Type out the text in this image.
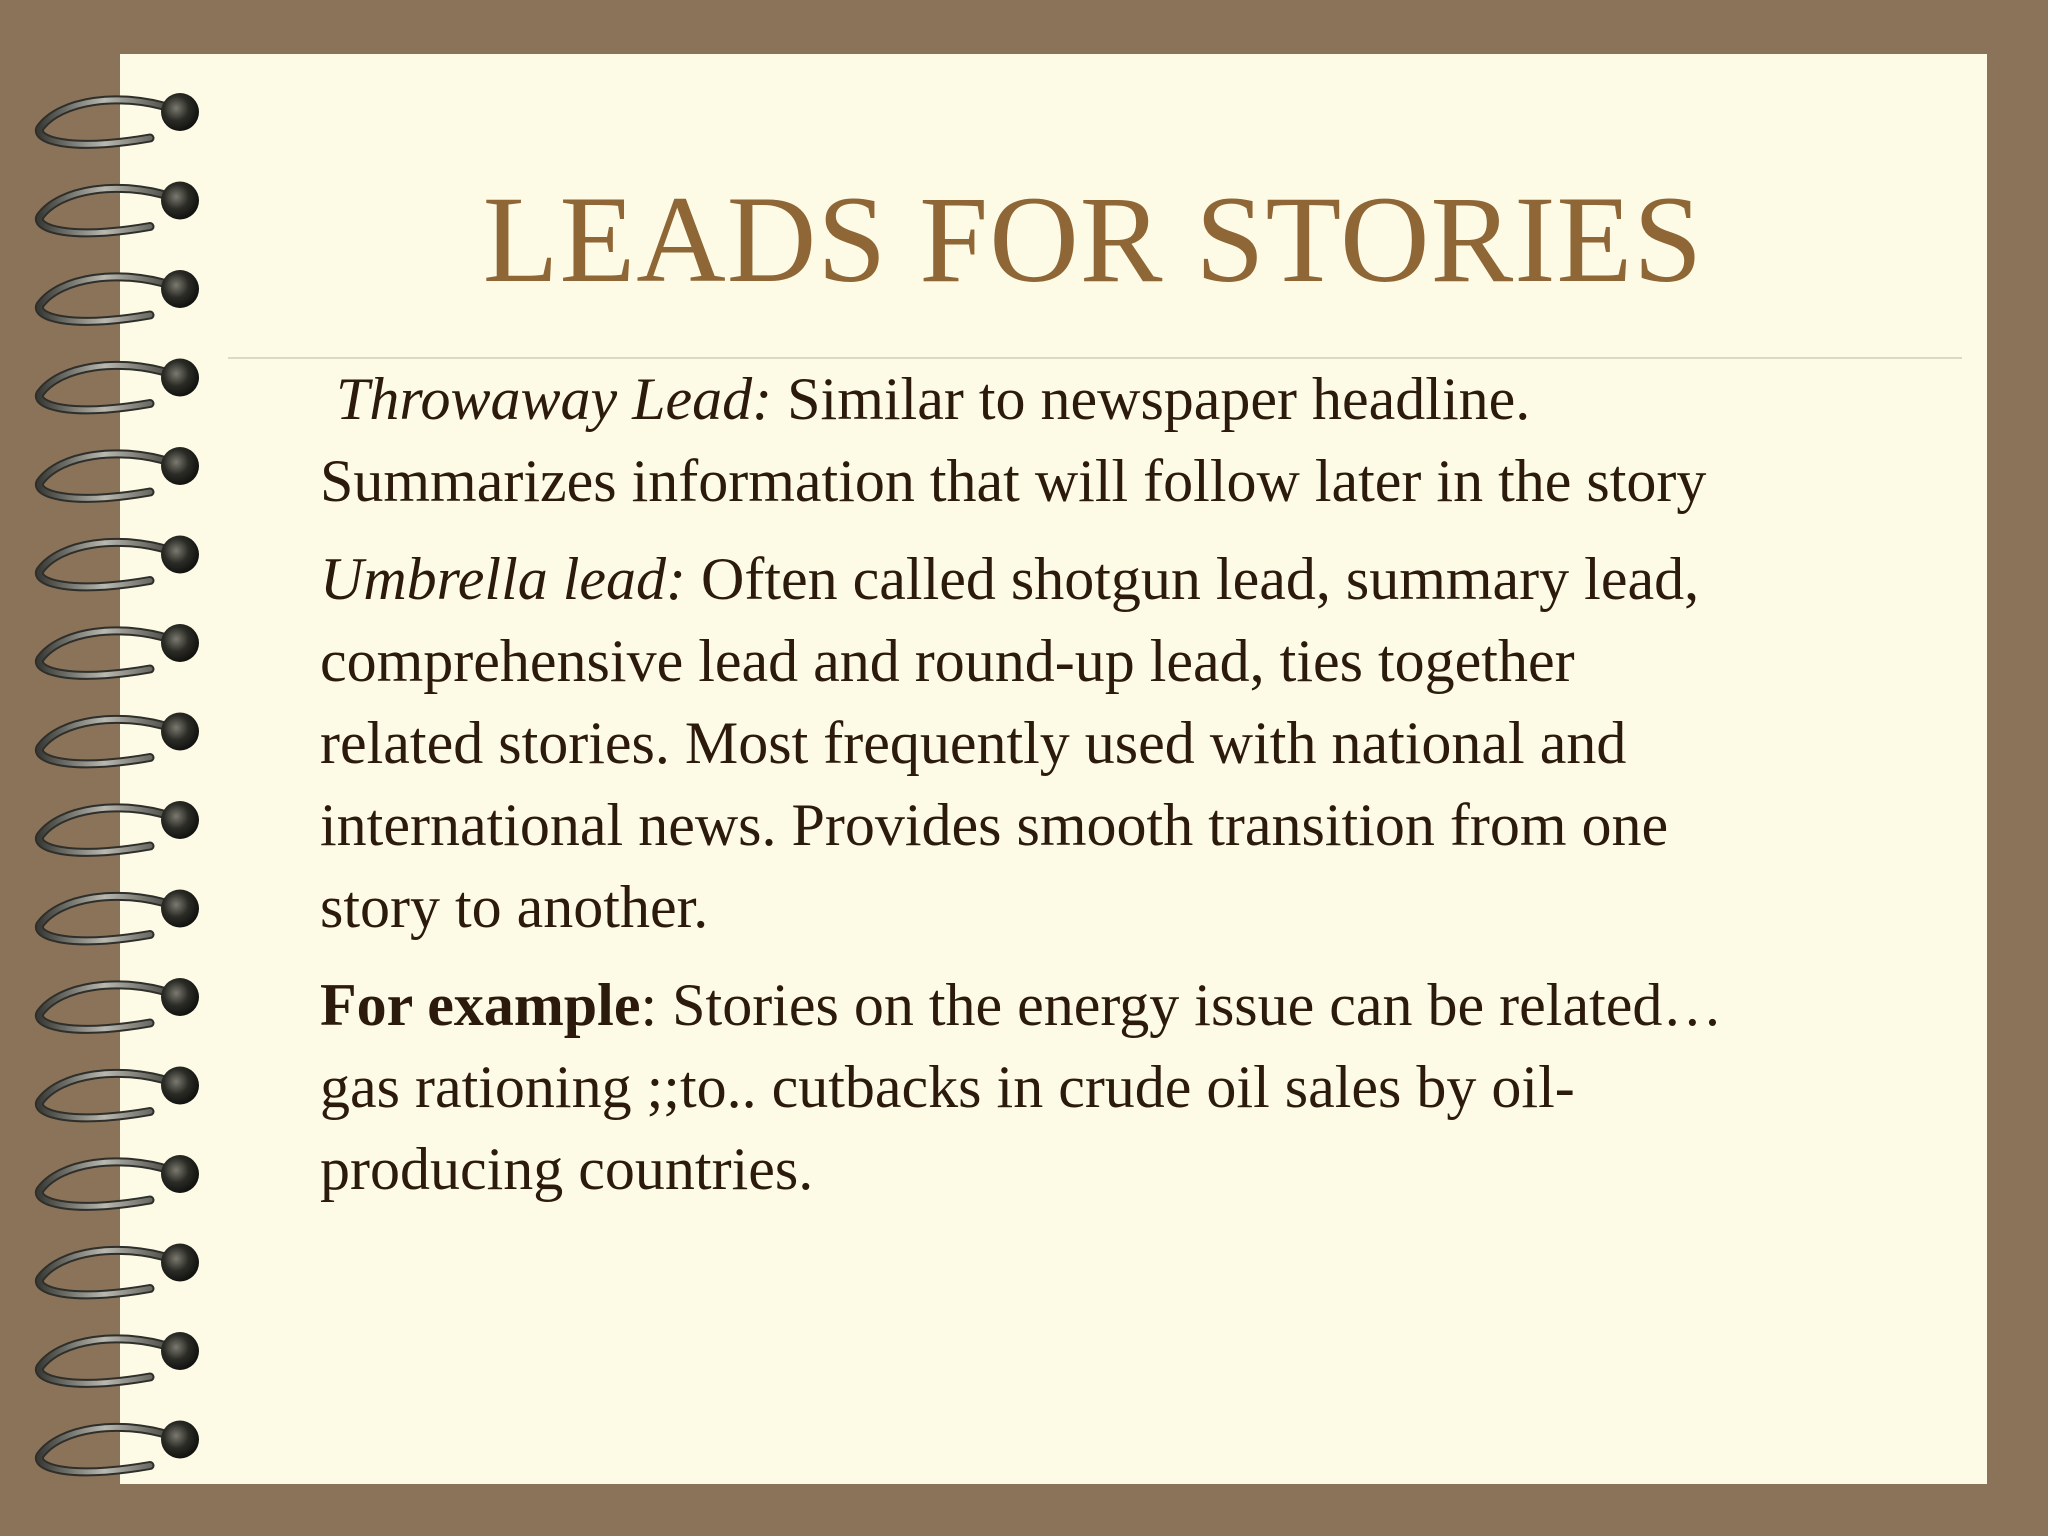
LEADS FOR STORIES

Throwaway Lead: Similar to newspaper headline.
Summarizes information that will follow later in the story

Umbrella lead: Often called shotgun lead, summary lead,
comprehensive lead and round-up lead, ties together
related stories. Most frequently used with national and
international news. Provides smooth transition from one
story to another.

For example: Stories on the energy issue can be related…
gas rationing ;;to.. cutbacks in crude oil sales by oil-
producing countries.
